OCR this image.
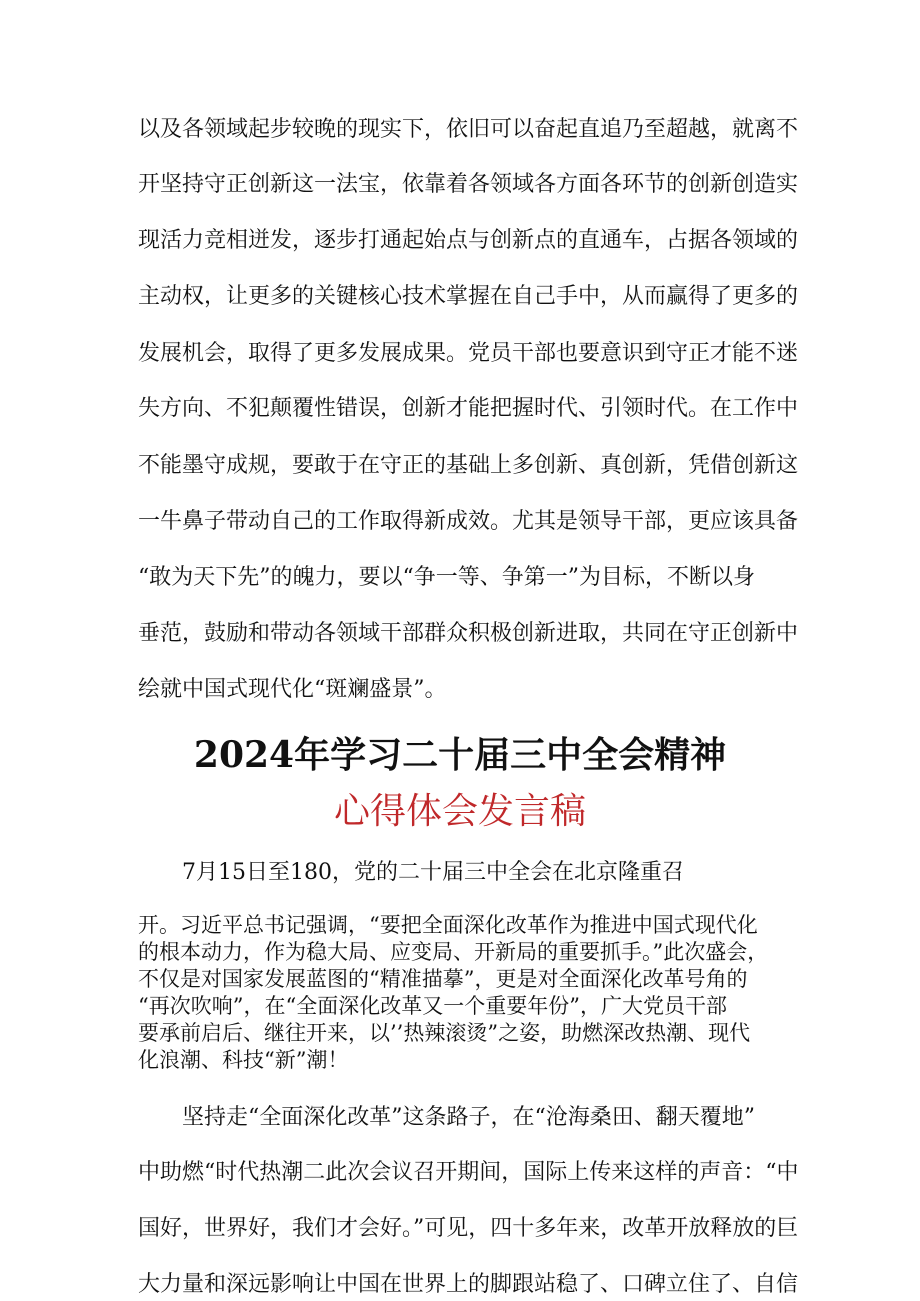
以及各领域起步较晚的现实下，依旧可以奋起直追乃至超越，就离不
开坚持守正创新这一法宝，依靠着各领域各方面各环节的创新创造实
现活力竞相迸发，逐步打通起始点与创新点的直通车，占据各领域的
主动权，让更多的关键核心技术掌握在自己手中，从而赢得了更多的
发展机会，取得了更多发展成果。党员干部也要意识到守正才能不迷
失方向、不犯颠覆性错误，创新才能把握时代、引领时代。在工作中
不能墨守成规，要敢于在守正的基础上多创新、真创新，凭借创新这
一牛鼻子带动自己的工作取得新成效。尤其是领导干部，更应该具备
“敢为天下先”的魄力，要以“争一等、争第一”为目标，不断以身
垂范，鼓励和带动各领域干部群众积极创新进取，共同在守正创新中
绘就中国式现代化“斑斓盛景”。
2024年学习二十届三中全会精神
心得体会发言稿
7月15日至180，党的二十届三中全会在北京隆重召
开。习近平总书记强调，“要把全面深化改革作为推进中国式现代化
的根本动力，作为稳大局、应变局、开新局的重要抓手。”此次盛会，
不仅是对国家发展蓝图的“精准描摹”，更是对全面深化改革号角的
“再次吹响”，在“全面深化改革又一个重要年份”，广大党员干部
要承前启后、继往开来，以’’热辣滚烫”之姿，助燃深改热潮、现代
化浪潮、科技“新”潮！
坚持走“全面深化改革”这条路子，在“沧海桑田、翻天覆地”
中助燃“时代热潮二此次会议召开期间，国际上传来这样的声音：“中
国好，世界好，我们才会好。”可见，四十多年来，改革开放释放的巨
大力量和深远影响让中国在世界上的脚跟站稳了、口碑立住了、自信
